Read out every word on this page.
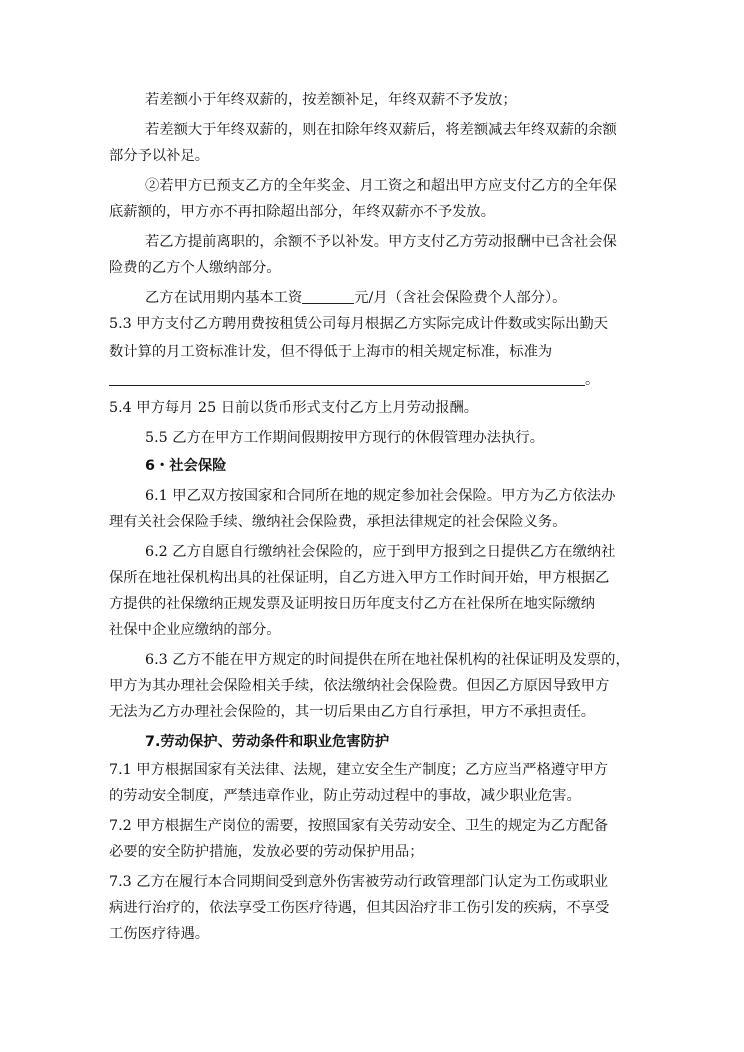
若差额小于年终双薪的，按差额补足，年终双薪不予发放；

若差额大于年终双薪的，则在扣除年终双薪后，将差额减去年终双薪的余额

部分予以补足。

②若甲方已预支乙方的全年奖金、月工资之和超出甲方应支付乙方的全年保

底薪额的，甲方亦不再扣除超出部分，年终双薪亦不予发放。

若乙方提前离职的，余额不予以补发。甲方支付乙方劳动报酬中已含社会保

险费的乙方个人缴纳部分。

乙方在试用期内基本工资	元/月（含社会保险费个人部分）。

5.3 甲方支付乙方聘用费按租赁公司每月根据乙方实际完成计件数或实际出勤天

数计算的月工资标准计发，但不得低于上海市的相关规定标准，标准为

。

5.4 甲方每月 25 日前以货币形式支付乙方上月劳动报酬。

5.5 乙方在甲方工作期间假期按甲方现行的休假管理办法执行。

6・社会保险

6.1 甲乙双方按国家和合同所在地的规定参加社会保险。甲方为乙方依法办

理有关社会保险手续、缴纳社会保险费，承担法律规定的社会保险义务。

6.2 乙方自愿自行缴纳社会保险的，应于到甲方报到之日提供乙方在缴纳社

保所在地社保机构出具的社保证明，自乙方进入甲方工作时间开始，甲方根据乙

方提供的社保缴纳正规发票及证明按日历年度支付乙方在社保所在地实际缴纳

社保中企业应缴纳的部分。

6.3 乙方不能在甲方规定的时间提供在所在地社保机构的社保证明及发票的，

甲方为其办理社会保险相关手续，依法缴纳社会保险费。但因乙方原因导致甲方

无法为乙方办理社会保险的，其一切后果由乙方自行承担，甲方不承担责任。

7.劳动保护、劳动条件和职业危害防护

7.1 甲方根据国家有关法律、法规，建立安全生产制度；乙方应当严格遵守甲方

的劳动安全制度，严禁违章作业，防止劳动过程中的事故，减少职业危害。

7.2 甲方根据生产岗位的需要，按照国家有关劳动安全、卫生的规定为乙方配备

必要的安全防护措施，发放必要的劳动保护用品；

7.3 乙方在履行本合同期间受到意外伤害被劳动行政管理部门认定为工伤或职业

病进行治疗的，依法享受工伤医疗待遇，但其因治疗非工伤引发的疾病，不享受

工伤医疗待遇。
